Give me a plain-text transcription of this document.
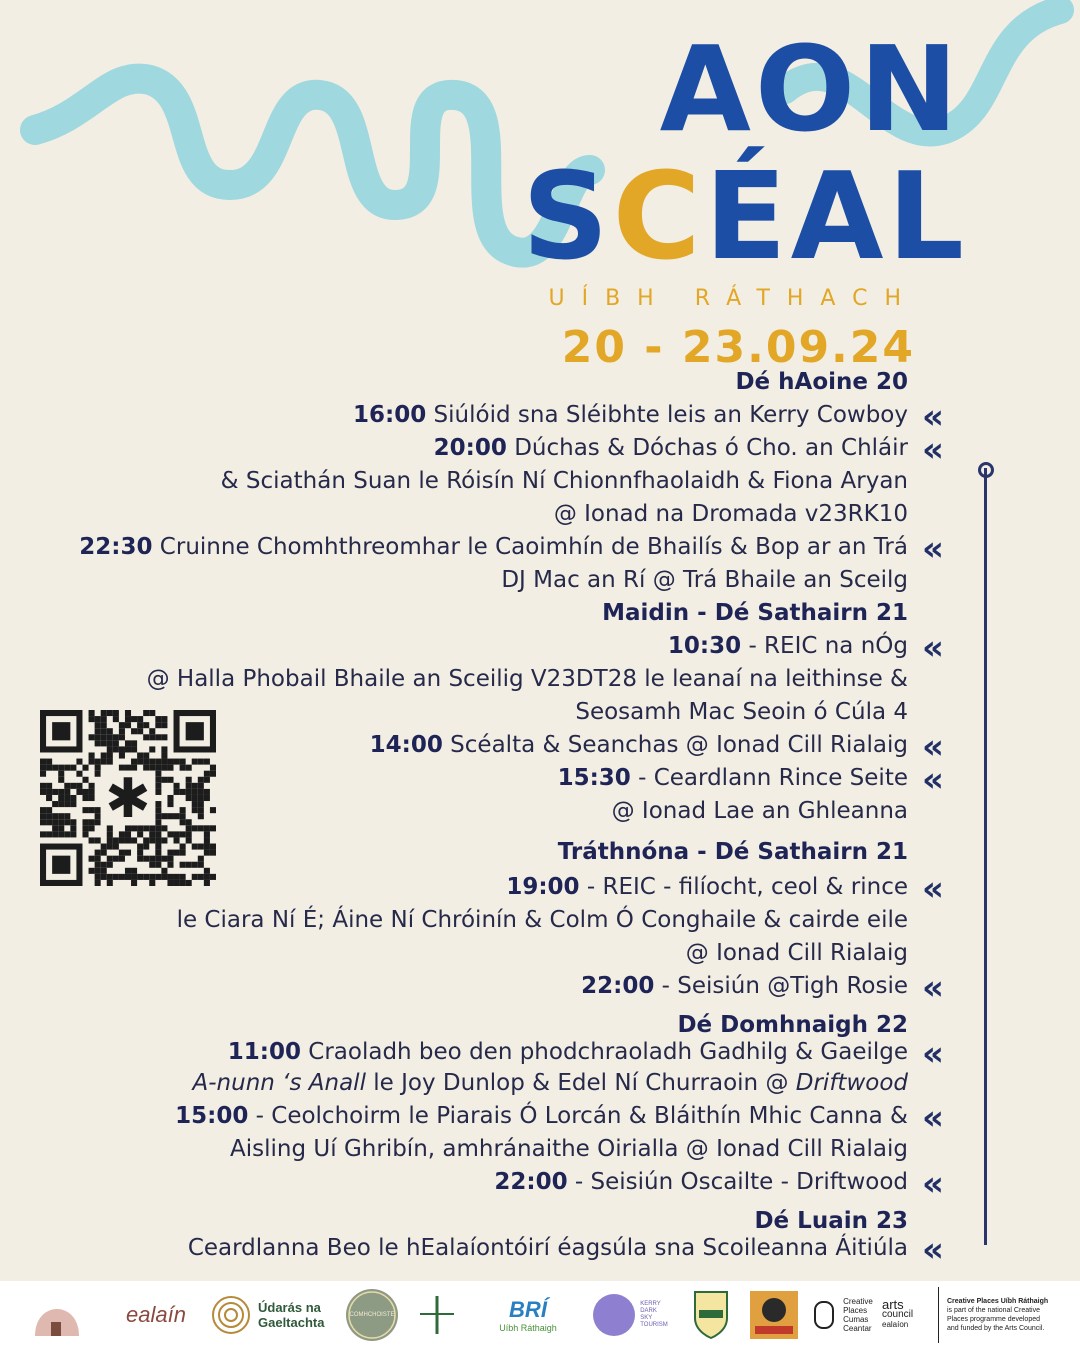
AON
SCÉAL
UÍBH RÁTHACH
20 - 23.09.24
Dé hAoine 20
16:00 Siúlóid sna Sléibhte leis an Kerry Cowboy «
20:00 Dúchas & Dóchas ó Cho. an Chláir «
& Sciathán Suan le Róisín Ní Chionnfhaolaidh & Fiona Aryan
@ Ionad na Dromada v23RK10
22:30 Cruinne Chomhthreomhar le Caoimhín de Bhailís & Bop ar an Trá «
DJ Mac an Rí @ Trá Bhaile an Sceilg
Maidin - Dé Sathairn 21
10:30 - REIC na nÓg «
@ Halla Phobail Bhaile an Sceilig V23DT28 le leanaí na leithinse &
Seosamh Mac Seoin ó Cúla 4
14:00 Scéalta & Seanchas @ Ionad Cill Rialaig «
15:30 - Ceardlann Rince Seite «
@ Ionad Lae an Ghleanna
Tráthnóna - Dé Sathairn 21
19:00 - REIC - filíocht, ceol & rince «
le Ciara Ní É; Áine Ní Chróinín & Colm Ó Conghaile & cairde eile
@ Ionad Cill Rialaig
22:00 - Seisiún @Tigh Rosie «
Dé Domhnaigh 22
11:00 Craoladh beo den phodchraoladh Gadhilg & Gaeilge «
A-nunn ‘s Anall le Joy Dunlop & Edel Ní Churraoin @ Driftwood
15:00 - Ceolchoirm le Piarais Ó Lorcán & Bláithín Mhic Canna & «
Aisling Uí Ghribín, amhránaithe Oirialla @ Ionad Cill Rialaig
22:00 - Seisiún Oscailte - Driftwood «
Dé Luain 23
Ceardlanna Beo le hEalaíontóirí éagsúla sna Scoileanna Áitiúla «
✱
ealaín	Údarás na
Gaeltachta	COMHCHOISTE	BRÍ
Uíbh Ráthaigh
KERRY
DARK
SKY
TOURISM
Creative
Places
Cumas
Ceantar
arts
council
ealaíon
Creative Places Uíbh Ráthaigh
is part of the national Creative
Places programme developed
and funded by the Arts Council.
